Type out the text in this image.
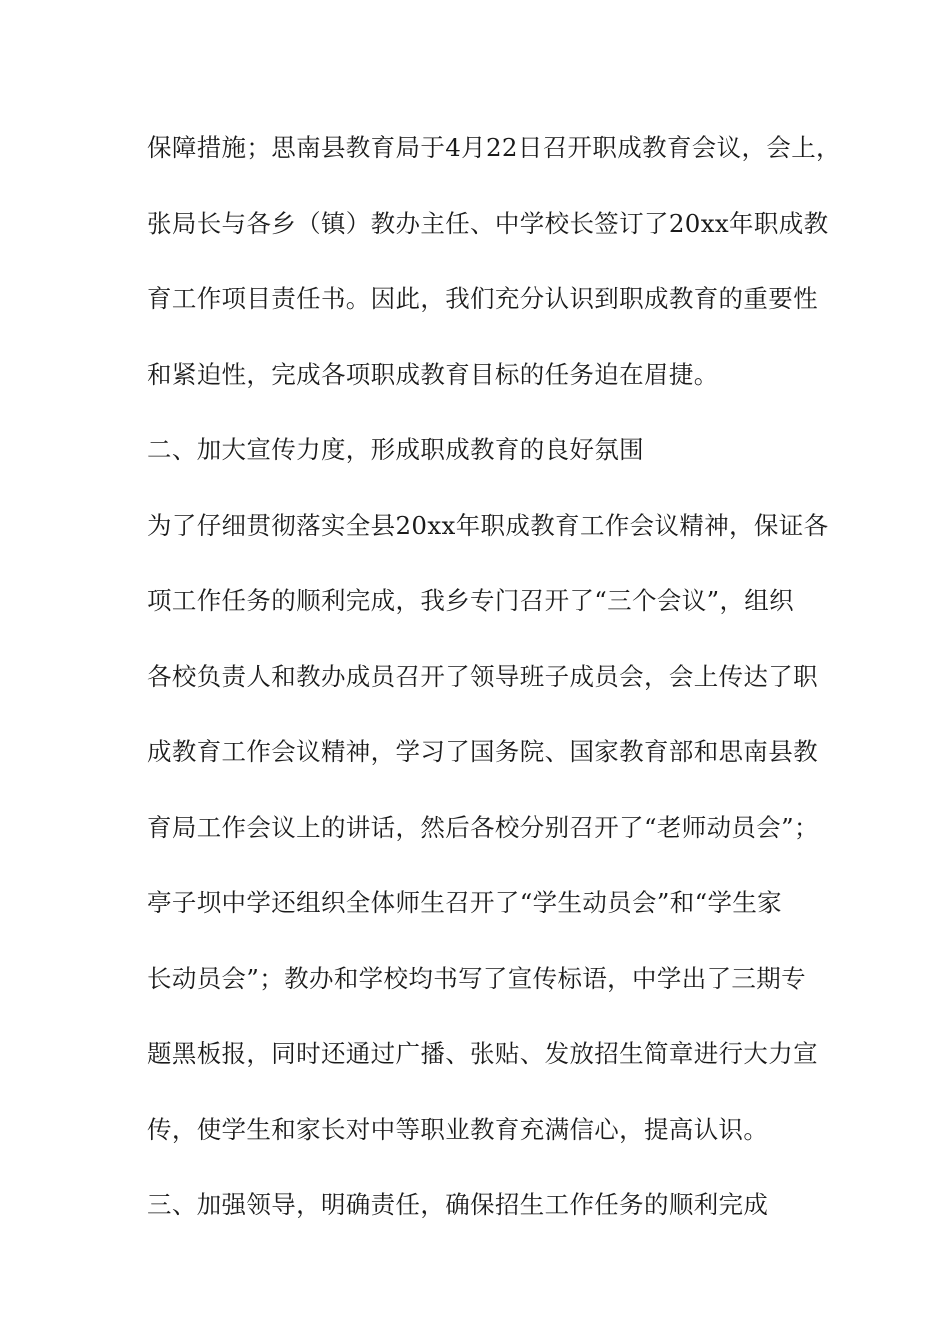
保障措施；思南县教育局于4月22日召开职成教育会议，会上，
张局长与各乡（镇）教办主任、中学校长签订了20xx年职成教
育工作项目责任书。因此，我们充分认识到职成教育的重要性
和紧迫性，完成各项职成教育目标的任务迫在眉捷。
二、加大宣传力度，形成职成教育的良好氛围
为了仔细贯彻落实全县20xx年职成教育工作会议精神，保证各
项工作任务的顺利完成，我乡专门召开了“三个会议”，组织
各校负责人和教办成员召开了领导班子成员会，会上传达了职
成教育工作会议精神，学习了国务院、国家教育部和思南县教
育局工作会议上的讲话，然后各校分别召开了“老师动员会”；
亭子坝中学还组织全体师生召开了“学生动员会”和“学生家
长动员会”；教办和学校均书写了宣传标语，中学出了三期专
题黑板报，同时还通过广播、张贴、发放招生简章进行大力宣
传，使学生和家长对中等职业教育充满信心，提高认识。
三、加强领导，明确责任，确保招生工作任务的顺利完成
